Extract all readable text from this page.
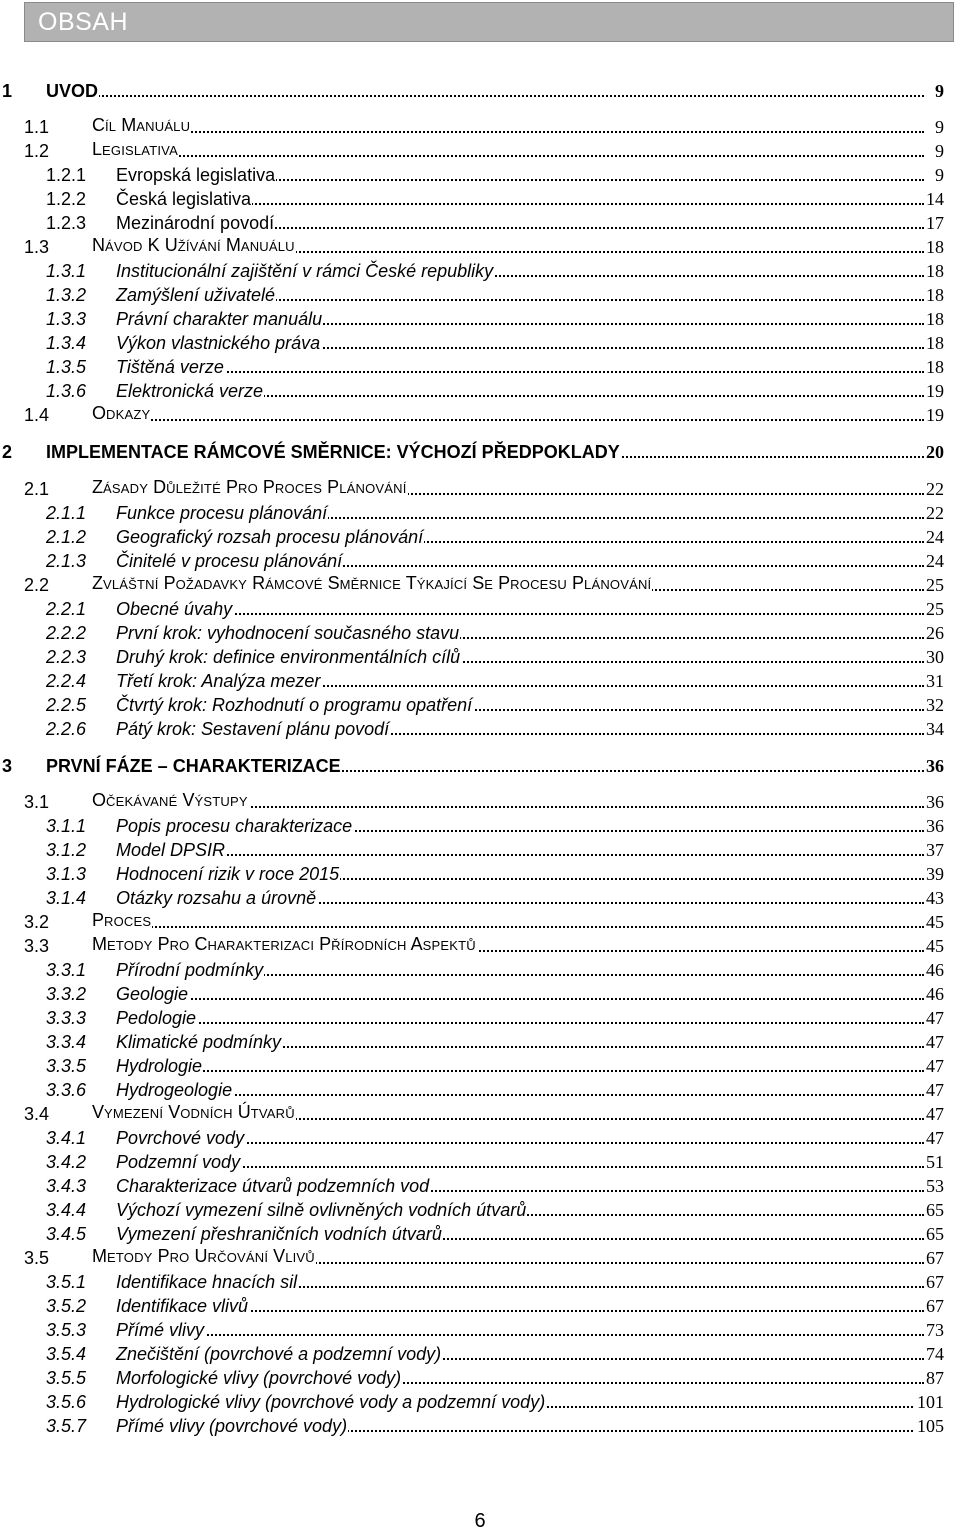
OBSAH
1 UVOD	9
1.1 CÍL MANUÁLU	9
1.2 LEGISLATIVA	9
1.2.1 Evropská legislativa	9
1.2.2 Česká legislativa	14
1.2.3 Mezinárodní povodí	17
1.3 NÁVOD K UŽÍVÁNÍ MANUÁLU	18
1.3.1 Institucionální zajištění v rámci České republiky	18
1.3.2 Zamýšlení uživatelé	18
1.3.3 Právní charakter manuálu	18
1.3.4 Výkon vlastnického práva	18
1.3.5 Tištěná verze	18
1.3.6 Elektronická verze	19
1.4 ODKAZY	19
2 IMPLEMENTACE RÁMCOVÉ SMĚRNICE: VÝCHOZÍ PŘEDPOKLADY	20
2.1 ZÁSADY DŮLEŽITÉ PRO PROCES PLÁNOVÁNÍ	22
2.1.1 Funkce procesu plánování	22
2.1.2 Geografický rozsah procesu plánování	24
2.1.3 Činitelé v procesu plánování	24
2.2 ZVLÁŠTNÍ POŽADAVKY RÁMCOVÉ SMĚRNICE TÝKAJÍCÍ SE PROCESU PLÁNOVÁNÍ	25
2.2.1 Obecné úvahy	25
2.2.2 První krok: vyhodnocení současného stavu	26
2.2.3 Druhý krok: definice environmentálních cílů	30
2.2.4 Třetí krok: Analýza mezer	31
2.2.5 Čtvrtý krok: Rozhodnutí o programu opatření	32
2.2.6 Pátý krok: Sestavení plánu povodí	34
3 PRVNÍ FÁZE – CHARAKTERIZACE	36
3.1 OČEKÁVANÉ VÝSTUPY	36
3.1.1 Popis procesu charakterizace	36
3.1.2 Model DPSIR	37
3.1.3 Hodnocení rizik v roce 2015	39
3.1.4 Otázky rozsahu a úrovně	43
3.2 PROCES	45
3.3 METODY PRO CHARAKTERIZACI PŘÍRODNÍCH ASPEKTŮ	45
3.3.1 Přírodní podmínky	46
3.3.2 Geologie	46
3.3.3 Pedologie	47
3.3.4 Klimatické podmínky	47
3.3.5 Hydrologie	47
3.3.6 Hydrogeologie	47
3.4 VYMEZENÍ VODNÍCH ÚTVARŮ	47
3.4.1 Povrchové vody	47
3.4.2 Podzemní vody	51
3.4.3 Charakterizace útvarů podzemních vod	53
3.4.4 Výchozí vymezení silně ovlivněných vodních útvarů	65
3.4.5 Vymezení přeshraničních vodních útvarů	65
3.5 METODY PRO URČOVÁNÍ VLIVŮ	67
3.5.1 Identifikace hnacích sil	67
3.5.2 Identifikace vlivů	67
3.5.3 Přímé vlivy	73
3.5.4 Znečištění (povrchové a podzemní vody)	74
3.5.5 Morfologické vlivy (povrchové vody)	87
3.5.6 Hydrologické vlivy (povrchové vody a podzemní vody)	101
3.5.7 Přímé vlivy (povrchové vody)	105
6
